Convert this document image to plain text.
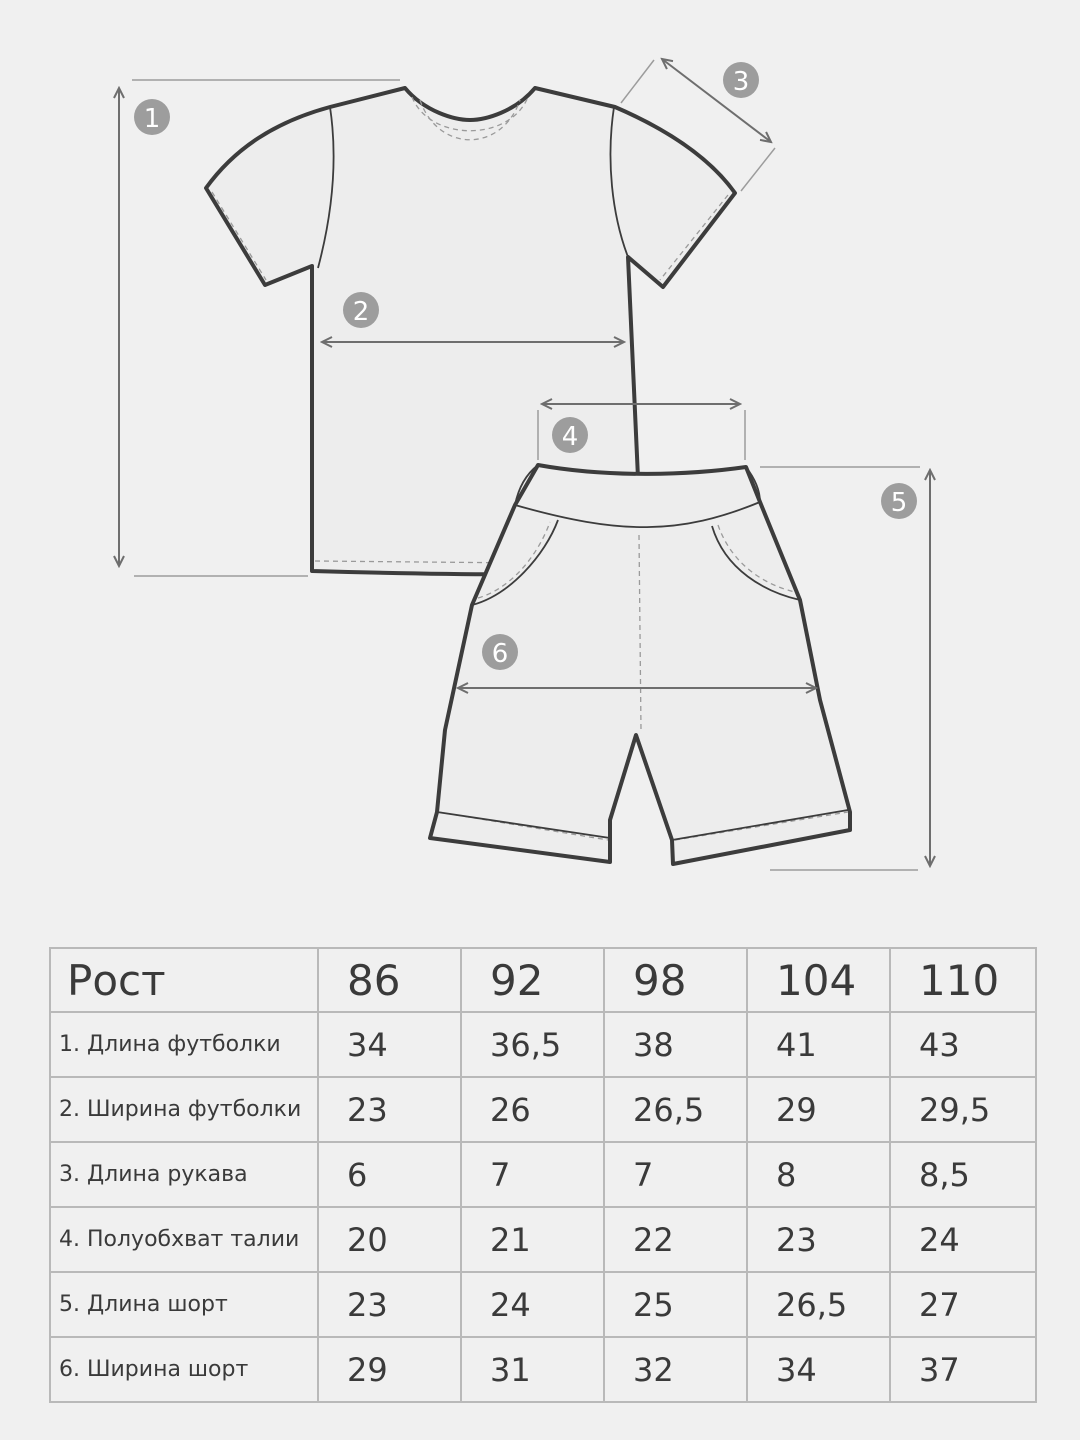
1
2
3
4
5
6
Рост	86	92	98	104	110
1. Длина футболки	34	36,5	38	41	43
2. Ширина футболки	23	26	26,5	29	29,5
3. Длина рукава	6	7	7	8	8,5
4. Полуобхват талии	20	21	22	23	24
5. Длина шорт	23	24	25	26,5	27
6. Ширина шорт	29	31	32	34	37
